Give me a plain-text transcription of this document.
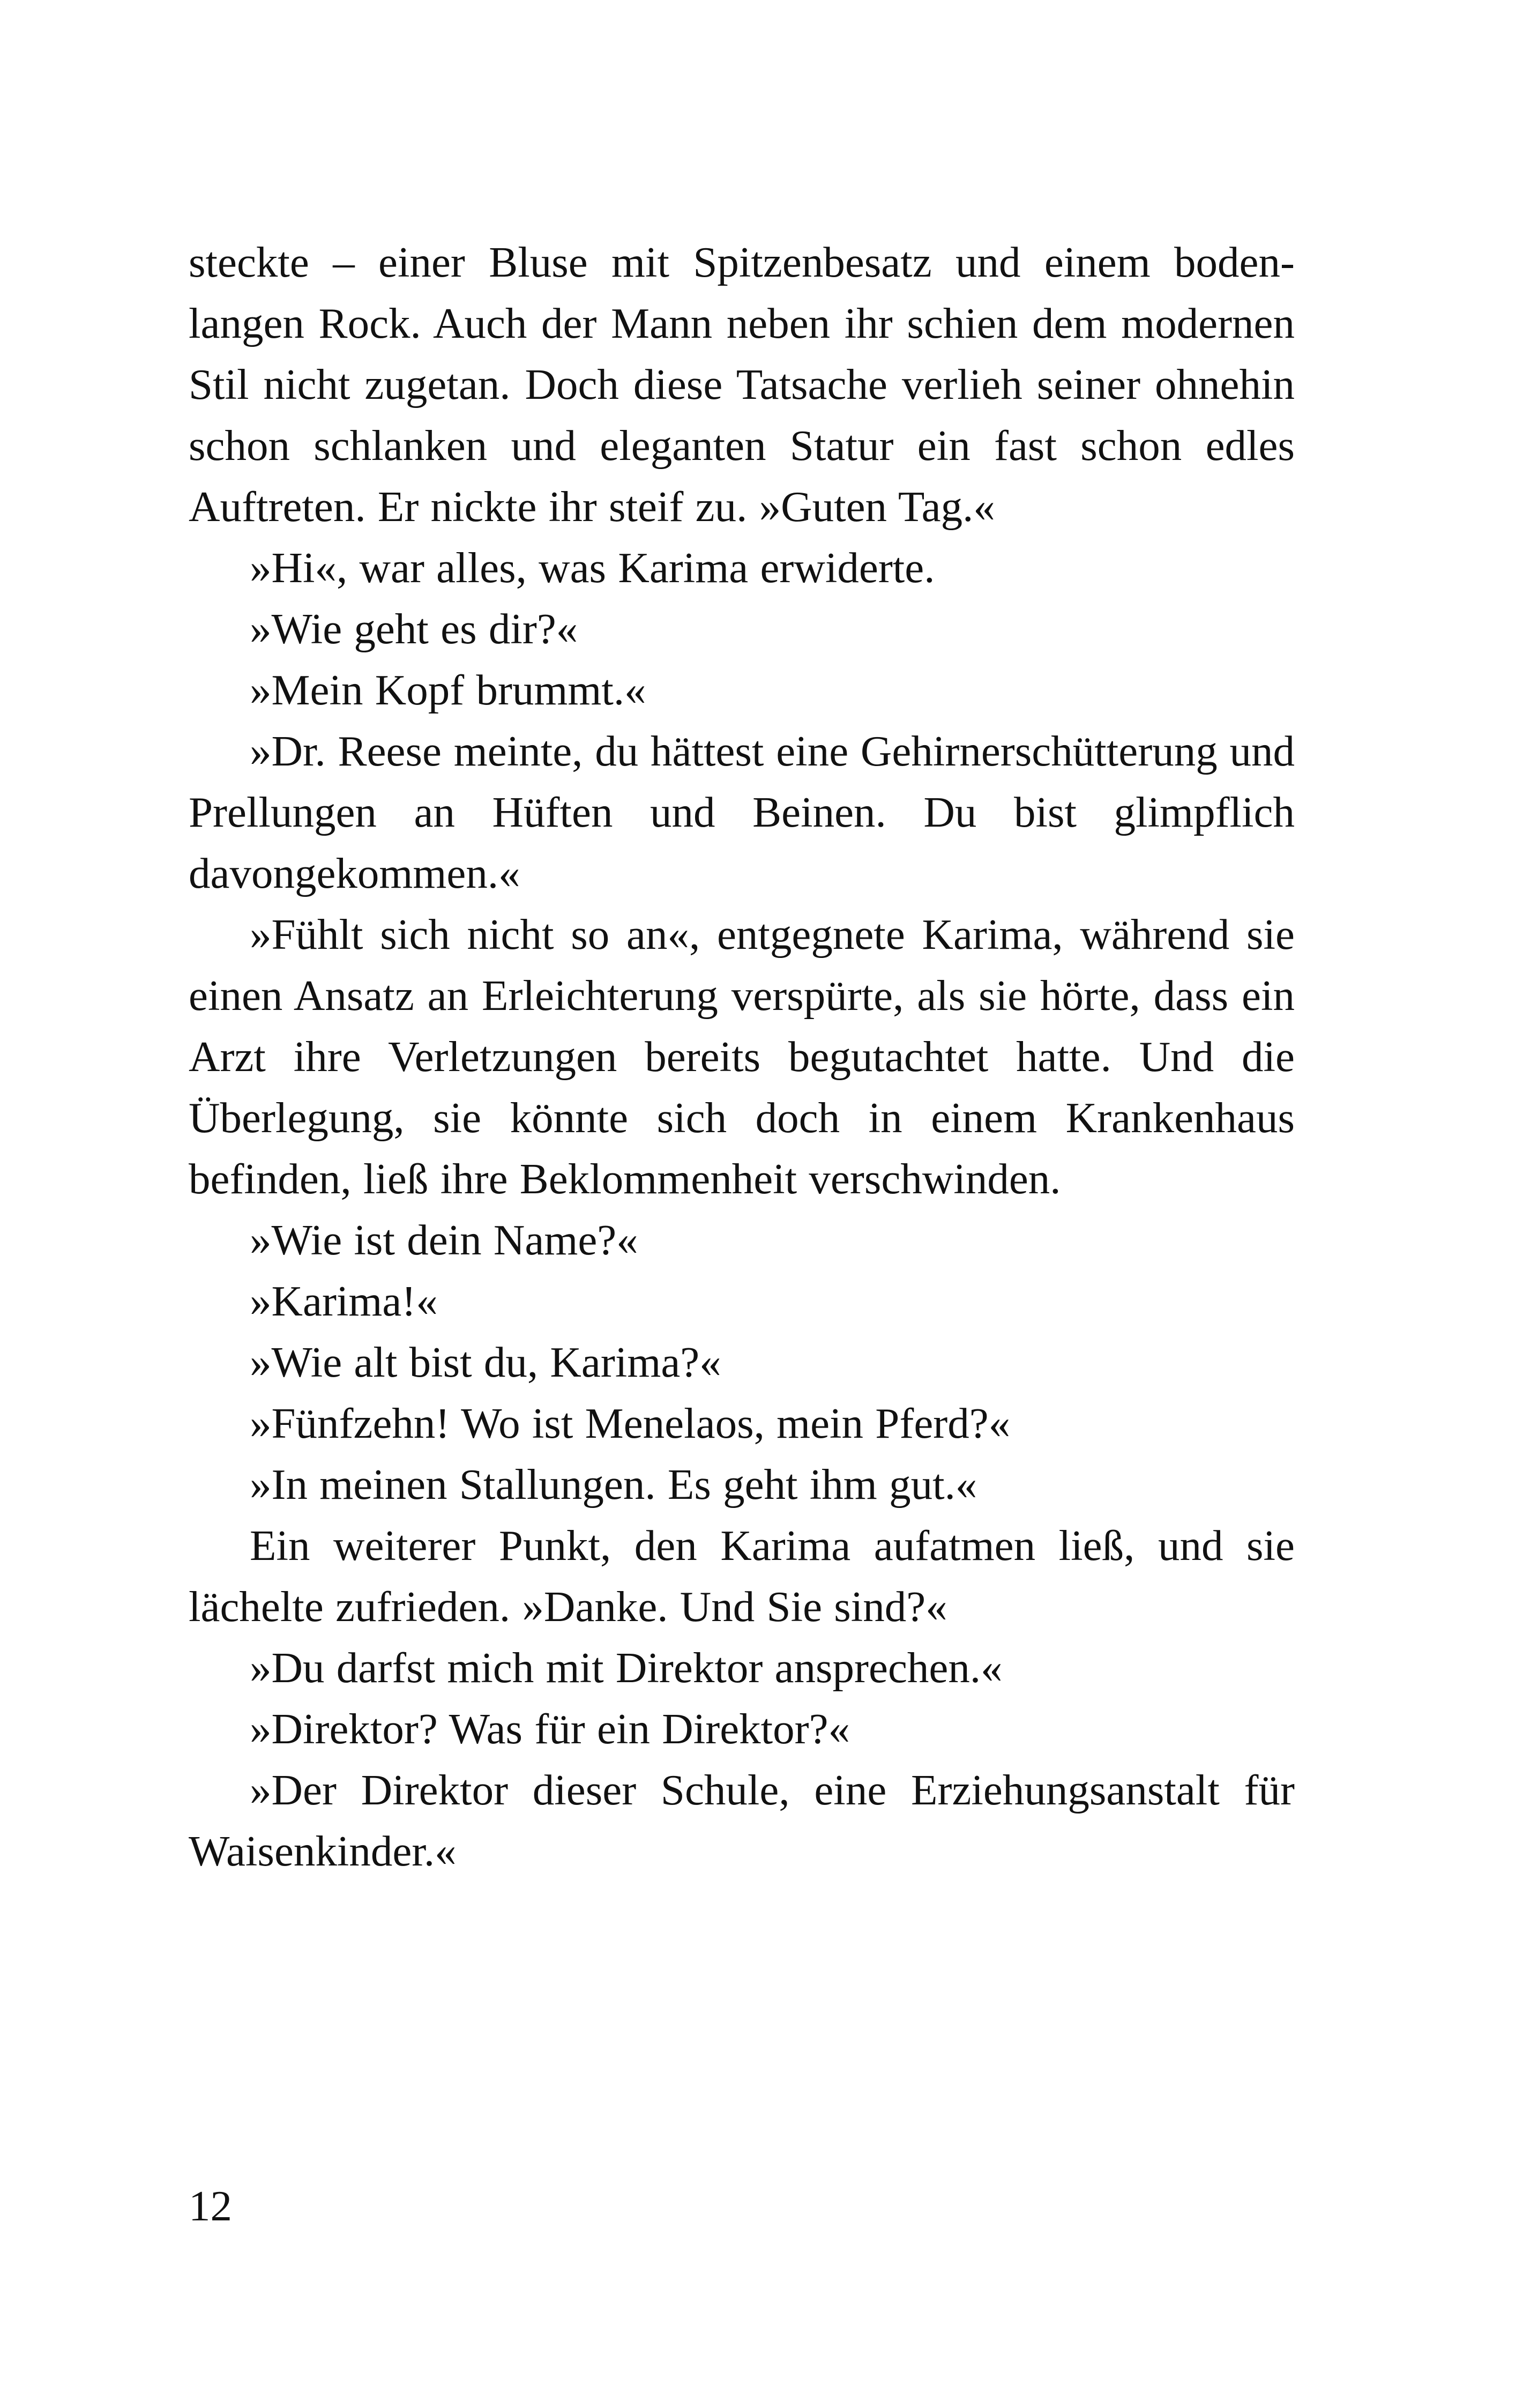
steckte – einer Bluse mit Spitzenbesatz und einem bodenlangen Rock. Auch der Mann neben ihr schien dem modernen Stil nicht zugetan. Doch diese Tatsache verlieh seiner ohnehin schon schlanken und eleganten Statur ein fast schon edles Auftreten. Er nickte ihr steif zu. »Guten Tag.«

»Hi«, war alles, was Karima erwiderte.

»Wie geht es dir?«

»Mein Kopf brummt.«

»Dr. Reese meinte, du hättest eine Gehirnerschütterung und Prellungen an Hüften und Beinen. Du bist glimpflich davongekommen.«

»Fühlt sich nicht so an«, entgegnete Karima, während sie einen Ansatz an Erleichterung verspürte, als sie hörte, dass ein Arzt ihre Verletzungen bereits begutachtet hatte. Und die Überlegung, sie könnte sich doch in einem Krankenhaus befinden, ließ ihre Beklommenheit verschwinden.

»Wie ist dein Name?«

»Karima!«

»Wie alt bist du, Karima?«

»Fünfzehn! Wo ist Menelaos, mein Pferd?«

»In meinen Stallungen. Es geht ihm gut.«

Ein weiterer Punkt, den Karima aufatmen ließ, und sie lächelte zufrieden. »Danke. Und Sie sind?«

»Du darfst mich mit Direktor ansprechen.«

»Direktor? Was für ein Direktor?«

»Der Direktor dieser Schule, eine Erziehungsanstalt für Waisenkinder.«

12
